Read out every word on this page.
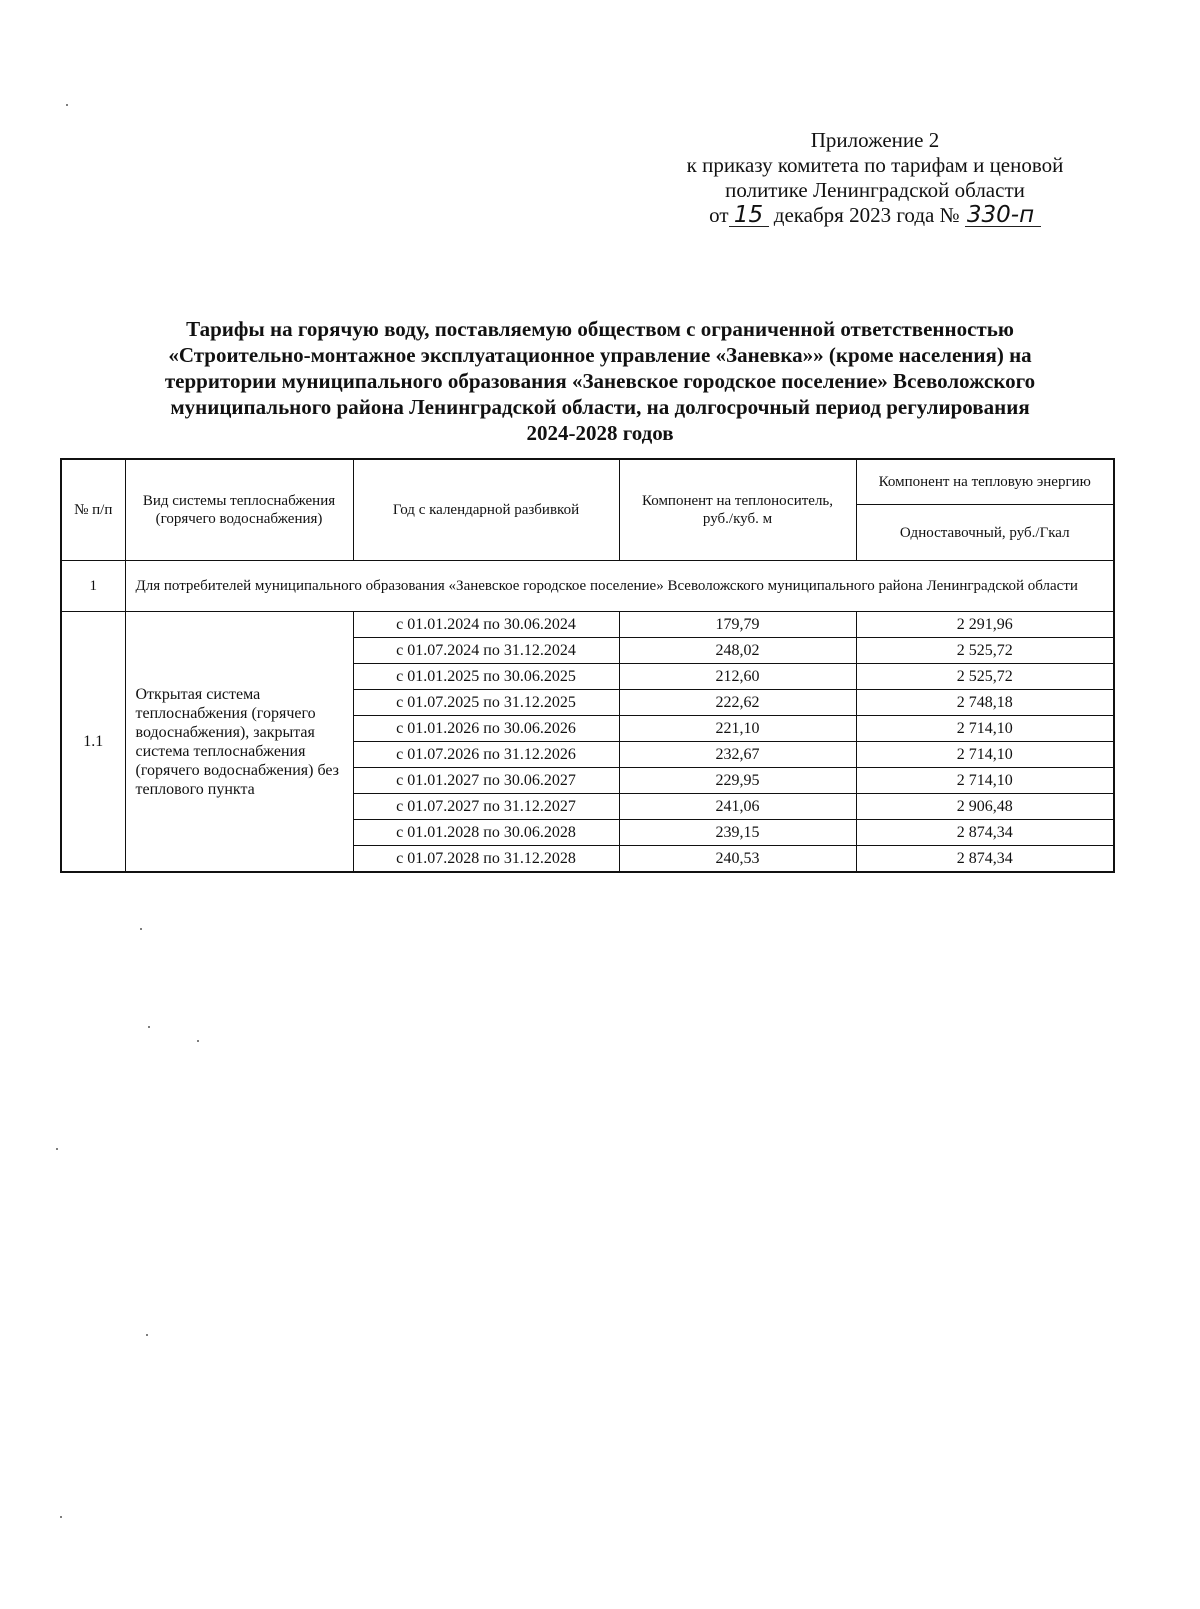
Приложение 2
к приказу комитета по тарифам и ценовой
политике Ленинградской области
от 15 декабря 2023 года № 330-п
Тарифы на горячую воду, поставляемую обществом с ограниченной ответственностью
«Строительно-монтажное эксплуатационное управление «Заневка»» (кроме населения) на
территории муниципального образования «Заневское городское поселение» Всеволожского
муниципального района Ленинградской области, на долгосрочный период регулирования
2024-2028 годов
№ п/п	Вид системы теплоснабжения (горячего водоснабжения)	Год с календарной разбивкой	Компонент на теплоноситель, руб./куб. м	Компонент на тепловую энергию
				Одноставочный, руб./Гкал
1	Для потребителей муниципального образования «Заневское городское поселение» Всеволожского муниципального района Ленинградской области			
1.1	Открытая система теплоснабжения (горячего водоснабжения), закрытая система теплоснабжения (горячего водоснабжения) без теплового пункта	с 01.01.2024 по 30.06.2024	179,79	2 291,96
		с 01.07.2024 по 31.12.2024	248,02	2 525,72
		с 01.01.2025 по 30.06.2025	212,60	2 525,72
		с 01.07.2025 по 31.12.2025	222,62	2 748,18
		с 01.01.2026 по 30.06.2026	221,10	2 714,10
		с 01.07.2026 по 31.12.2026	232,67	2 714,10
		с 01.01.2027 по 30.06.2027	229,95	2 714,10
		с 01.07.2027 по 31.12.2027	241,06	2 906,48
		с 01.01.2028 по 30.06.2028	239,15	2 874,34
		с 01.07.2028 по 31.12.2028	240,53	2 874,34
